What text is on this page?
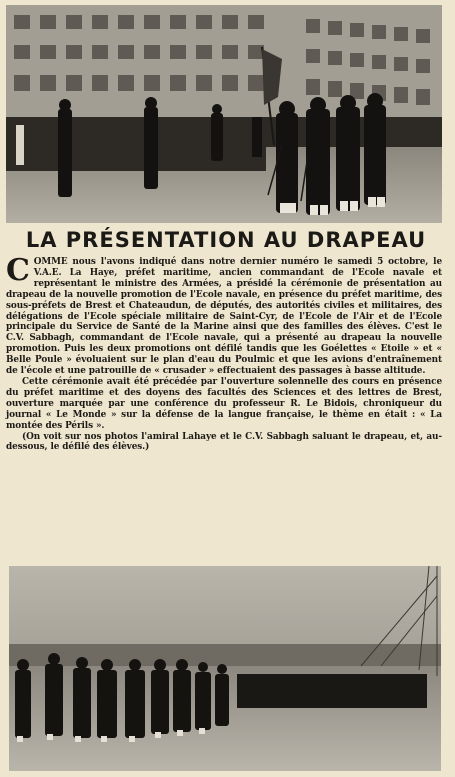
LA PRÉSENTATION AU DRAPEAU

COMME nous l'avons indiqué dans notre dernier numéro le samedi 5 octobre, le V.A.E. La Haye, préfet maritime, ancien commandant de l'Ecole navale et représentant le ministre des Armées, a présidé la cérémonie de présentation au drapeau de la nouvelle promotion de l'Ecole navale, en présence du préfet maritime, des sous-préfets de Brest et Chateaudun, de députés, des autorités civiles et militaires, des délégations de l'Ecole spéciale militaire de Saint-Cyr, de l'Ecole de l'Air et de l'Ecole principale du Service de Santé de la Marine ainsi que des familles des élèves. C'est le C.V. Sabbagh, commandant de l'Ecole navale, qui a présenté au drapeau la nouvelle promotion. Puis les deux promotions ont défilé tandis que les Goélettes « Etoile » et « Belle Poule » évoluaient sur le plan d'eau du Poulmic et que les avions d'entraînement de l'école et une patrouille de « crusader » effectuaient des passages à basse altitude.

Cette cérémonie avait été précédée par l'ouverture solennelle des cours en présence du préfet maritime et des doyens des facultés des Sciences et des lettres de Brest, ouverture marquée par une conférence du professeur R. Le Bidois, chroniqueur du journal « Le Monde » sur la défense de la langue française, le thème en était : « La montée des Périls ».

(On voit sur nos photos l'amiral Lahaye et le C.V. Sabbagh saluant le drapeau, et, au-dessous, le défilé des élèves.)
